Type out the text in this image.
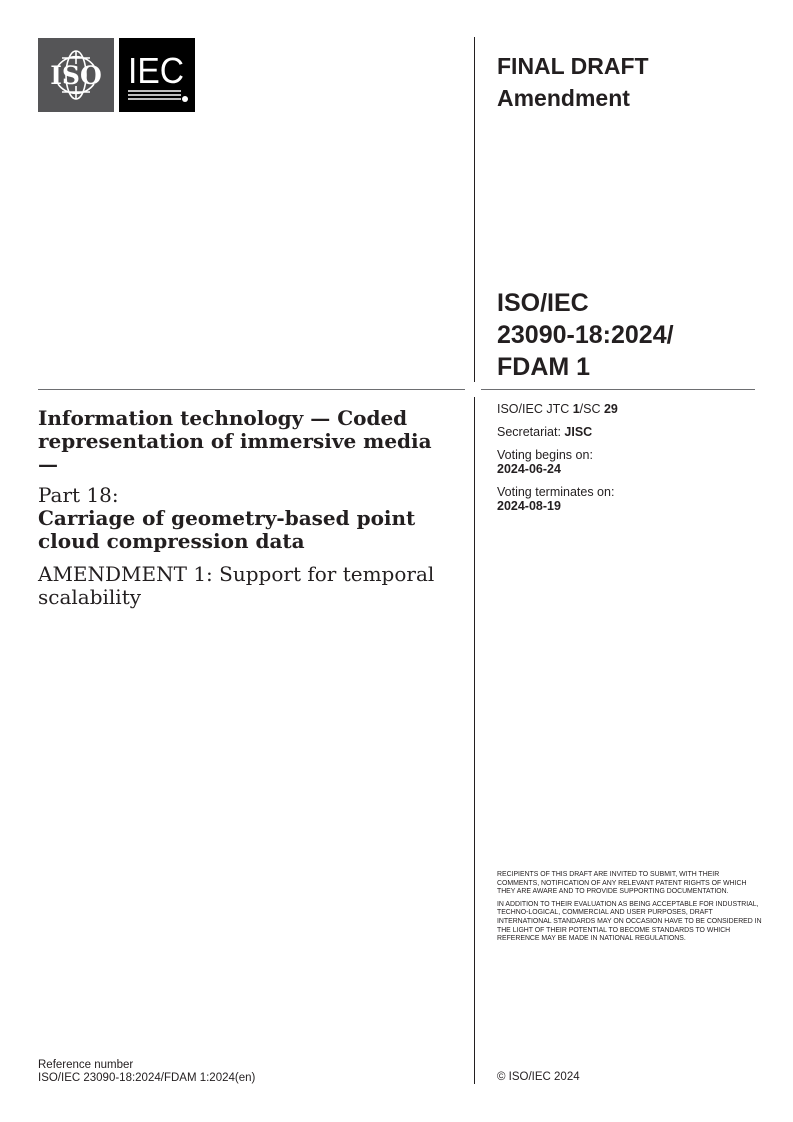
ISO IEC	FINAL DRAFT
Amendment
ISO/IEC
23090-18:2024/
FDAM 1
ISO/IEC JTC 1/SC 29
Secretariat: JISC
Voting begins on:
2024-06-24
Voting terminates on:
2024-08-19
Information technology — Coded representation of immersive media —
Part 18:
Carriage of geometry-based point cloud compression data
AMENDMENT 1: Support for temporal scalability

RECIPIENTS OF THIS DRAFT ARE INVITED TO SUBMIT, WITH THEIR COMMENTS, NOTIFICATION OF ANY RELEVANT PATENT RIGHTS OF WHICH THEY ARE AWARE AND TO PROVIDE SUPPORTING DOCUMENTATION.

IN ADDITION TO THEIR EVALUATION AS BEING ACCEPTABLE FOR INDUSTRIAL, TECHNO-LOGICAL, COMMERCIAL AND USER PURPOSES, DRAFT INTERNATIONAL STANDARDS MAY ON OCCASION HAVE TO BE CONSIDERED IN THE LIGHT OF THEIR POTENTIAL TO BECOME STANDARDS TO WHICH REFERENCE MAY BE MADE IN NATIONAL REGULATIONS.

Reference number
ISO/IEC 23090-18:2024/FDAM 1:2024(en)	© ISO/IEC 2024
